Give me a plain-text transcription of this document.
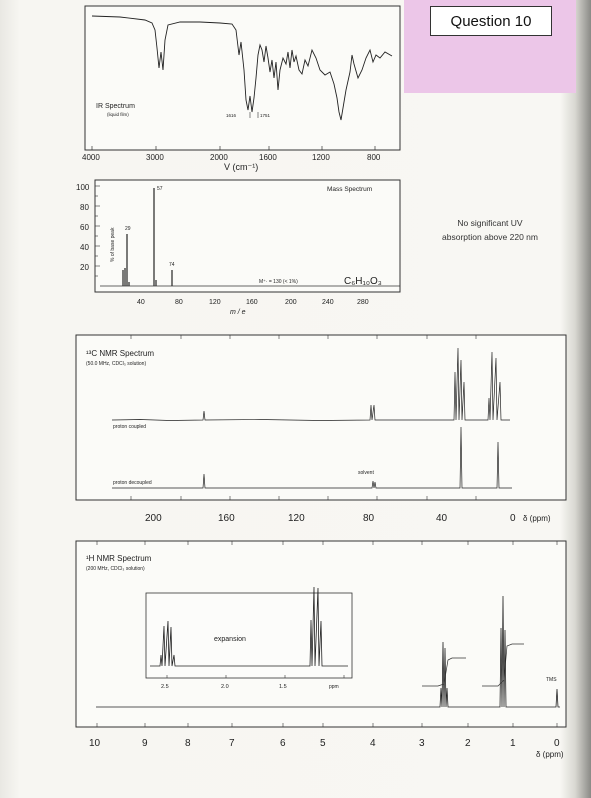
IR Spectrum
(liquid film)	1616	1751
4000	3000	2000	1600	1200	800
V (cm⁻¹)
100
80
60
40
20
% of base peak
Mass Spectrum
57
29
74
M⁺· = 130 (< 1%)	C₆H₁₀O₃
40	80	120	160	200	240	280
m / e
¹³C NMR Spectrum
(50.0 MHz, CDCl₃ solution)
proton coupled
proton decoupled
solvent
200	160	120	80	40	0 δ (ppm)
¹H NMR Spectrum
(200 MHz, CDCl₃ solution)
expansion
2.5	2.0	1.5	ppm
TMS
10	9	8	7	6	5	4	3	2	1	0
δ (ppm)
Question 10
No significant UV
absorption above 220 nm
